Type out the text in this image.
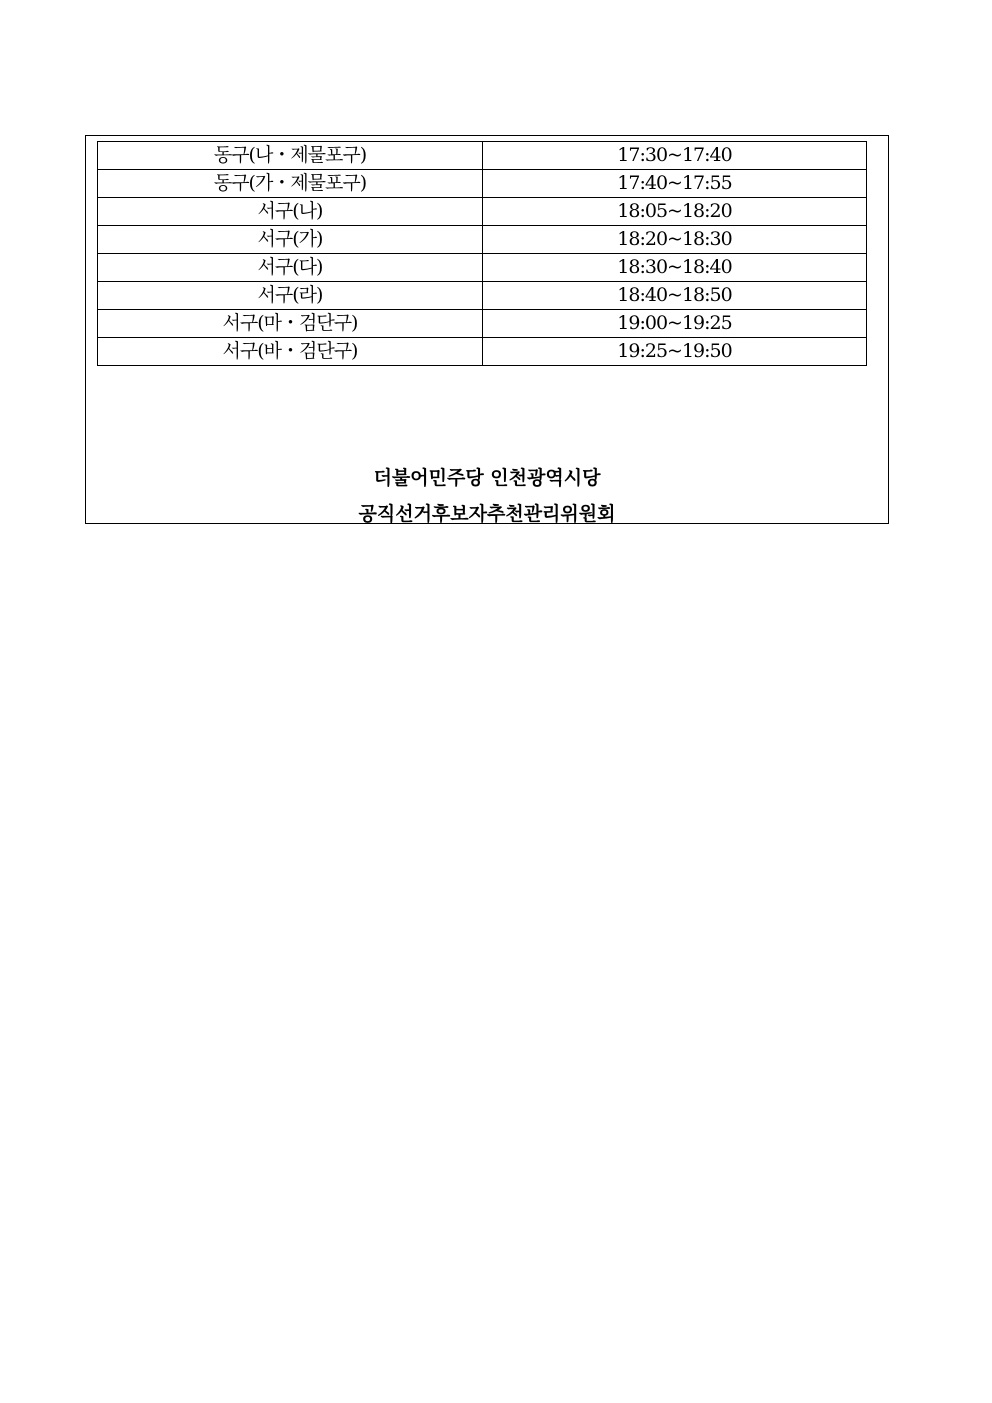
동구(나・제물포구)	17:30~17:40
동구(가・제물포구)	17:40~17:55
서구(나)	18:05~18:20
서구(가)	18:20~18:30
서구(다)	18:30~18:40
서구(라)	18:40~18:50
서구(마・검단구)	19:00~19:25
서구(바・검단구)	19:25~19:50
더불어민주당 인천광역시당
공직선거후보자추천관리위원회
